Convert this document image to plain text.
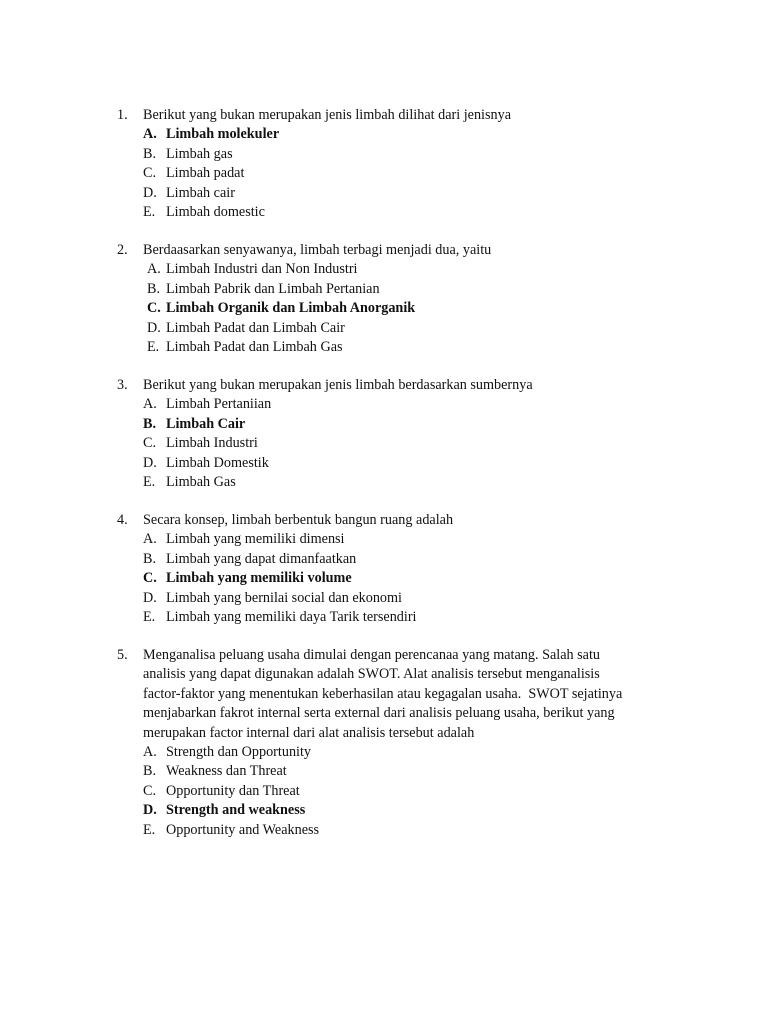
1. Berikut yang bukan merupakan jenis limbah dilihat dari jenisnya
A. Limbah molekuler
B. Limbah gas
C. Limbah padat
D. Limbah cair
E. Limbah domestic
2. Berdaasarkan senyawanya, limbah terbagi menjadi dua, yaitu
A. Limbah Industri dan Non Industri
B. Limbah Pabrik dan Limbah Pertanian
C. Limbah Organik dan Limbah Anorganik
D. Limbah Padat dan Limbah Cair
E. Limbah Padat dan Limbah Gas
3. Berikut yang bukan merupakan jenis limbah berdasarkan sumbernya
A. Limbah Pertaniian
B. Limbah Cair
C. Limbah Industri
D. Limbah Domestik
E. Limbah Gas
4. Secara konsep, limbah berbentuk bangun ruang adalah
A. Limbah yang memiliki dimensi
B. Limbah yang dapat dimanfaatkan
C. Limbah yang memiliki volume
D. Limbah yang bernilai social dan ekonomi
E. Limbah yang memiliki daya Tarik tersendiri
5. Menganalisa peluang usaha dimulai dengan perencanaa yang matang. Salah satu
analisis yang dapat digunakan adalah SWOT. Alat analisis tersebut menganalisis
factor-faktor yang menentukan keberhasilan atau kegagalan usaha.  SWOT sejatinya
menjabarkan fakrot internal serta external dari analisis peluang usaha, berikut yang
merupakan factor internal dari alat analisis tersebut adalah
A. Strength dan Opportunity
B. Weakness dan Threat
C. Opportunity dan Threat
D. Strength and weakness
E. Opportunity and Weakness
